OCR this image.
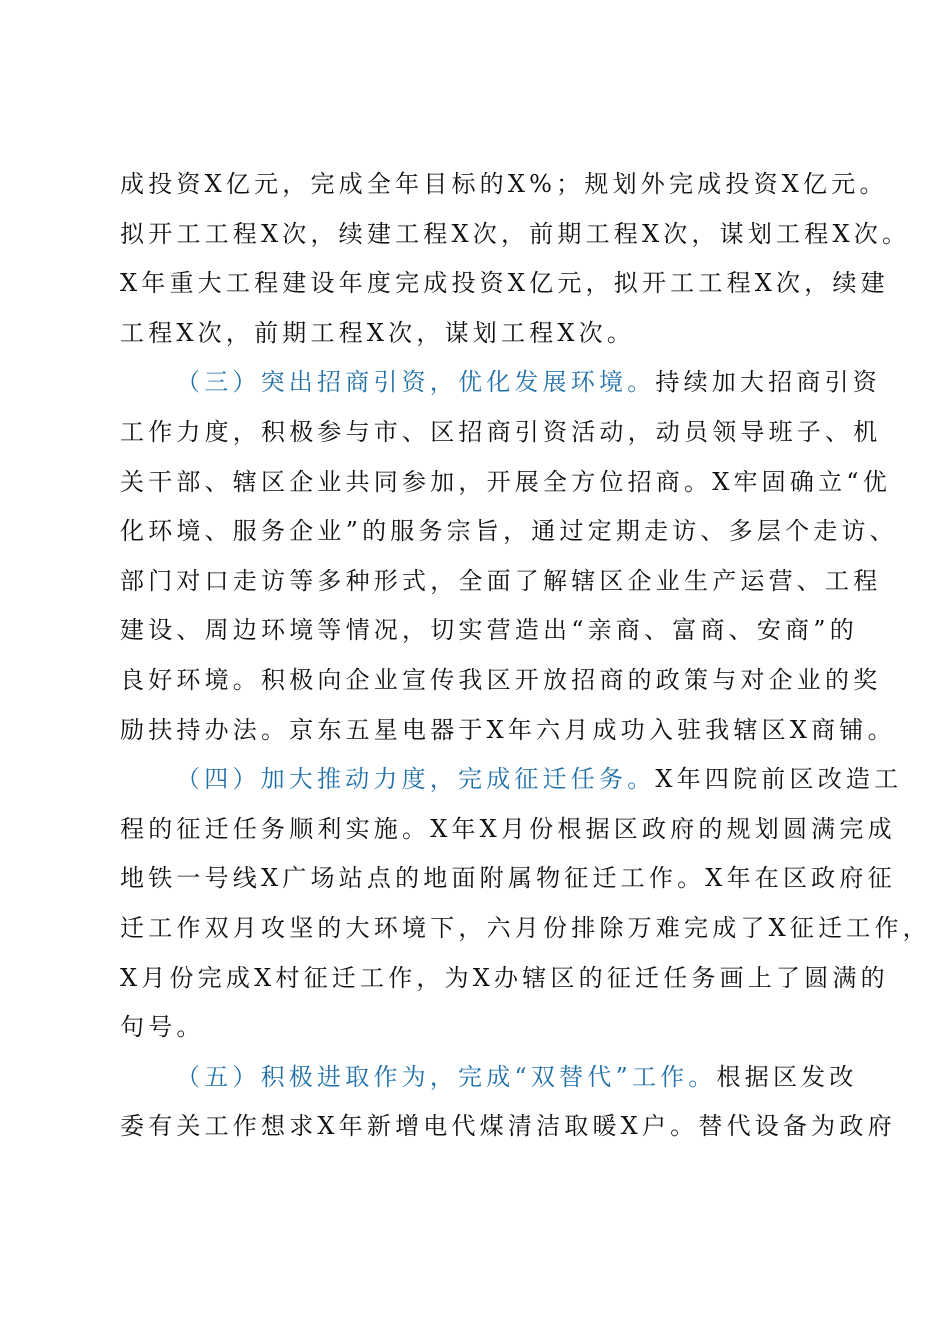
成投资X亿元，完成全年目标的X%；规划外完成投资X亿元。
拟开工工程X次，续建工程X次，前期工程X次，谋划工程X次。
X年重大工程建设年度完成投资X亿元，拟开工工程X次，续建
工程X次，前期工程X次，谋划工程X次。
（三）突出招商引资，优化发展环境。持续加大招商引资
工作力度，积极参与市、区招商引资活动，动员领导班子、机
关干部、辖区企业共同参加，开展全方位招商。X牢固确立“优
化环境、服务企业”的服务宗旨，通过定期走访、多层个走访、
部门对口走访等多种形式，全面了解辖区企业生产运营、工程
建设、周边环境等情况，切实营造出“亲商、富商、安商”的
良好环境。积极向企业宣传我区开放招商的政策与对企业的奖
励扶持办法。京东五星电器于X年六月成功入驻我辖区X商铺。
（四）加大推动力度，完成征迁任务。X年四院前区改造工
程的征迁任务顺利实施。X年X月份根据区政府的规划圆满完成
地铁一号线X广场站点的地面附属物征迁工作。X年在区政府征
迁工作双月攻坚的大环境下，六月份排除万难完成了X征迁工作，
X月份完成X村征迁工作，为X办辖区的征迁任务画上了圆满的
句号。
（五）积极进取作为，完成“双替代”工作。根据区发改
委有关工作想求X年新增电代煤清洁取暖X户。替代设备为政府
